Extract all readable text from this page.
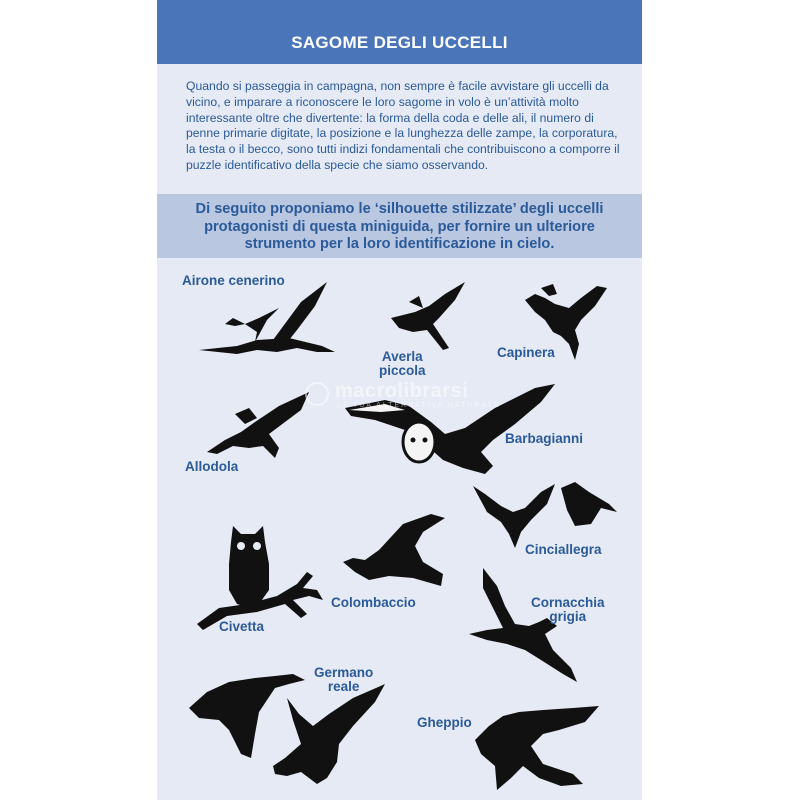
SAGOME DEGLI UCCELLI

Quando si passeggia in campagna, non sempre è facile avvistare gli uccelli da vicino, e imparare a riconoscere le loro sagome in volo è un’attività molto interessante oltre che divertente: la forma della coda e delle ali, il numero di penne primarie digitate, la posizione e la lunghezza delle zampe, la corporatura, la testa o il becco, sono tutti indizi fondamentali che contribuiscono a comporre il puzzle identificativo della specie che siamo osservando.

Di seguito proponiamo le ‘silhouette stilizzate’ degli uccelli protagonisti di questa miniguida, per fornire un ulteriore strumento per la loro identificazione in cielo.

Airone cenerino
Averla
piccola
Capinera
Allodola
Barbagianni
Cinciallegra
Civetta
Colombaccio	Cornacchia
grigia
Germano
reale
Gheppio
macrolibrarsi
LA TUA ALTERNATIVA NATURALE
